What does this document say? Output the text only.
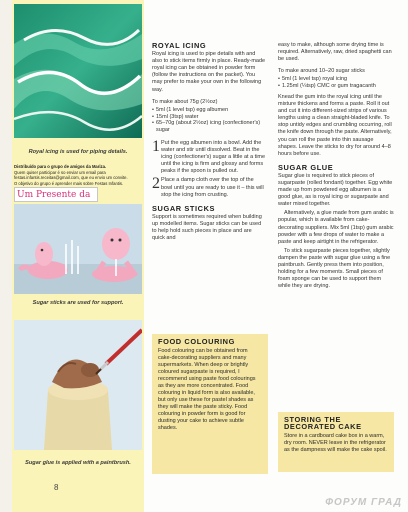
Royal icing is used for piping details.
Distribuído para o grupo de amigos da Mariza.
Quem quiser participar é so enviar um email para
festas.infantis.receitas@gmail.com, que eu envio um convite.
O objetivo do grupo é aprender mais sobre Festas Infantis.
Um Presente da
Sugar sticks are used for support.
Sugar glue is applied with a paintbrush.
ROYAL ICING

Royal icing is used to pipe details with and also to stick items firmly in place. Ready-made royal icing can be obtained in powder form (follow the instructions on the packet). You may prefer to make your own in the following way.

To make about 75g (2½oz)
• 5ml (1 level tsp) egg albumen
• 15ml (3tsp) water
• 65–70g (about 2½oz) icing (confectioner's) sugar
1 Put the egg albumen into a bowl. Add the water and stir until dissolved. Beat in the icing (confectioner's) sugar a little at a time until the icing is firm and glossy and forms peaks if the spoon is pulled out.
2 Place a damp cloth over the top of the bowl until you are ready to use it – this will stop the icing from crusting.
SUGAR STICKS

Support is sometimes required when building up modelled items. Sugar sticks can be used to help hold such pieces in place and are quick and

FOOD COLOURING
Food colouring can be obtained from cake-decorating suppliers and many supermarkets. When deep or brightly coloured sugarpaste is required, I recommend using paste food colourings as they are more concentrated. Food colouring in liquid form is also available, but only use these for pastel shades as they will make the paste sticky. Food colouring in powder form is good for dusting your cake to achieve subtle shades.

easy to make, although some drying time is required. Alternatively, raw, dried spaghetti can be used.

To make around 10–20 sugar sticks
• 5ml (1 level tsp) royal icing
• 1.25ml (¼tsp) CMC or gum tragacanth

Knead the gum into the royal icing until the mixture thickens and forms a paste. Roll it out and cut it into different-sized strips of various lengths using a clean straight-bladed knife. To stop untidy edges and crumbling occurring, roll the knife down through the paste. Alternatively, you can roll the paste into thin sausage shapes. Leave the sticks to dry for around 4–8 hours before use.

SUGAR GLUE

Sugar glue is required to stick pieces of sugarpaste (rolled fondant) together. Egg white made up from powdered egg albumen is a good glue, as is royal icing or sugarpaste and water mixed together.

Alternatively, a glue made from gum arabic is popular, which is available from cake-decorating suppliers. Mix 5ml (1tsp) gum arabic powder with a few drops of water to make a paste and keep airtight in the refrigerator.

To stick sugarpaste pieces together, slightly dampen the paste with sugar glue using a fine paintbrush. Gently press them into position, holding for a few moments. Small pieces of foam sponge can be used to support them while they are drying.

STORING THE
DECORATED CAKE
Store in a cardboard cake box in a warm, dry room. NEVER leave in the refrigerator as the dampness will make the cake spoil.
8
ФОРУМ ГРАД
